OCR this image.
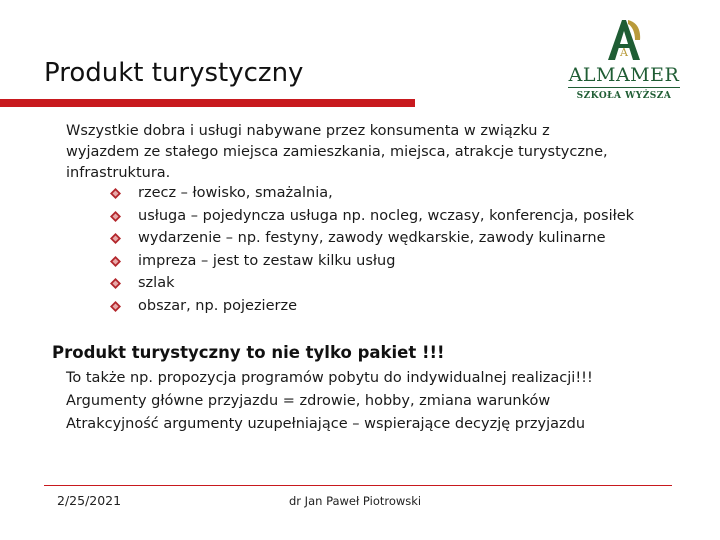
Produkt turystyczny
A
ALMAMER
SZKOŁA WYŻSZA
Wszystkie dobra i usługi nabywane przez konsumenta w związku z wyjazdem ze stałego miejsca zamieszkania, miejsca, atrakcje turystyczne, infrastruktura.
rzecz – łowisko, smażalnia,
usługa – pojedyncza usługa np. nocleg, wczasy, konferencja, posiłek
wydarzenie – np. festyny, zawody wędkarskie, zawody kulinarne
impreza – jest to zestaw kilku usług
szlak
obszar, np. pojezierze
Produkt turystyczny to nie tylko pakiet !!!
To także np. propozycja programów pobytu do indywidualnej realizacji!!!
Argumenty główne przyjazdu = zdrowie, hobby, zmiana warunków
Atrakcyjność argumenty uzupełniające – wspierające decyzję przyjazdu
2/25/2021	dr Jan Paweł Piotrowski
